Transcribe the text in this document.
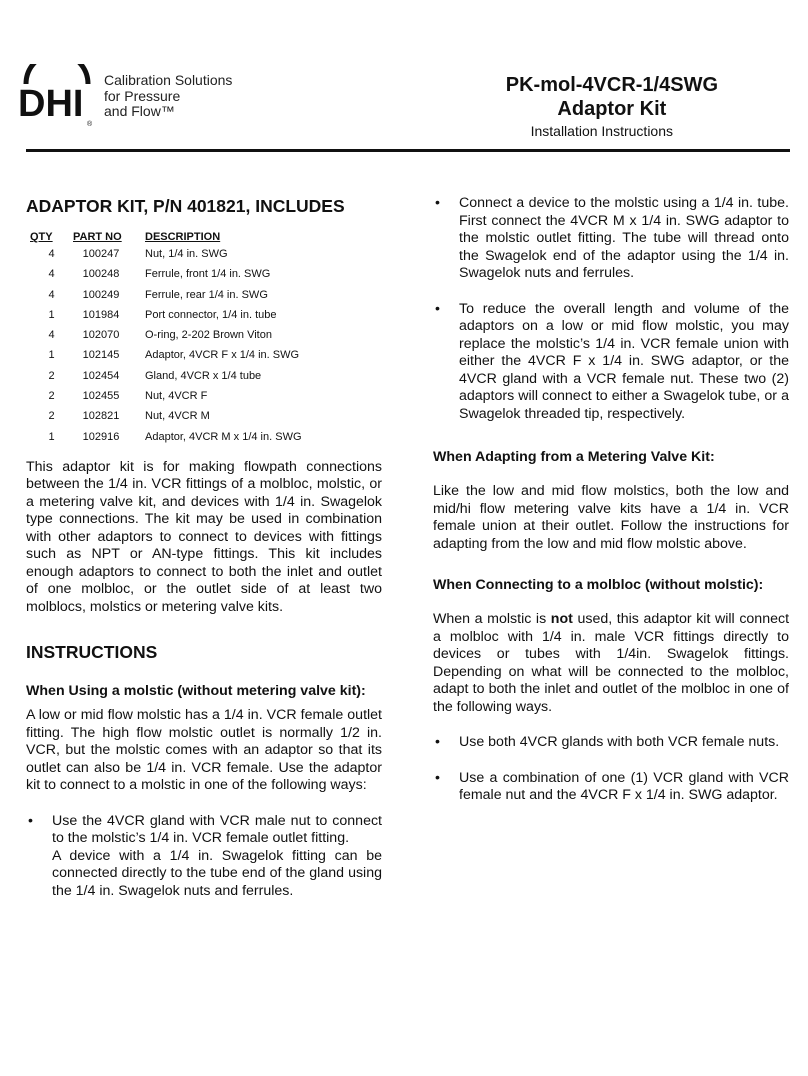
DHI ®
Calibration Solutions
for Pressure
and Flow™
PK-mol-4VCR-1/4SWG
Adaptor Kit
Installation Instructions
ADAPTOR KIT, P/N 401821, INCLUDES
QTY	PART NO	DESCRIPTION
4	100247	Nut, 1/4 in. SWG
4	100248	Ferrule, front 1/4 in. SWG
4	100249	Ferrule, rear 1/4 in. SWG
1	101984	Port connector, 1/4 in. tube
4	102070	O-ring, 2-202 Brown Viton
1	102145	Adaptor, 4VCR F x 1/4 in. SWG
2	102454	Gland, 4VCR x 1/4 tube
2	102455	Nut, 4VCR F
2	102821	Nut, 4VCR M
1	102916	Adaptor, 4VCR M x 1/4 in. SWG

This adaptor kit is for making flowpath connections between the 1/4 in. VCR fittings of a molbloc, molstic, or a metering valve kit, and devices with 1/4 in. Swagelok type connections. The kit may be used in combination with other adaptors to connect to devices with fittings such as NPT or AN-type fittings. This kit includes enough adaptors to connect to both the inlet and outlet of one molbloc, or the outlet side of at least two molblocs, molstics or metering valve kits.

INSTRUCTIONS
When Using a molstic (without metering valve kit):

A low or mid flow molstic has a 1/4 in. VCR female outlet fitting. The high flow molstic outlet is normally 1/2 in. VCR, but the molstic comes with an adaptor so that its outlet can also be 1/4 in. VCR female. Use the adaptor kit to connect to a molstic in one of the following ways:

• Use the 4VCR gland with VCR male nut to connect to the molstic’s 1/4 in. VCR female outlet fitting.
A device with a 1/4 in. Swagelok fitting can be connected directly to the tube end of the gland using the 1/4 in. Swagelok nuts and ferrules.
• Connect a device to the molstic using a 1/4 in. tube. First connect the 4VCR M x 1/4 in. SWG adaptor to the molstic outlet fitting. The tube will thread onto the Swagelok end of the adaptor using the 1/4 in. Swagelok nuts and ferrules.
• To reduce the overall length and volume of the adaptors on a low or mid flow molstic, you may replace the molstic’s 1/4 in. VCR female union with either the 4VCR F x 1/4 in. SWG adaptor, or the 4VCR gland with a VCR female nut. These two (2) adaptors will connect to either a Swagelok tube, or a Swagelok threaded tip, respectively.
When Adapting from a Metering Valve Kit:

Like the low and mid flow molstics, both the low and mid/hi flow metering valve kits have a 1/4 in. VCR female union at their outlet. Follow the instructions for adapting from the low and mid flow molstic above.

When Connecting to a molbloc (without molstic):

When a molstic is not used, this adaptor kit will connect a molbloc with 1/4 in. male VCR fittings directly to devices or tubes with 1/4in. Swagelok fittings. Depending on what will be connected to the molbloc, adapt to both the inlet and outlet of the molbloc in one of the following ways.

• Use both 4VCR glands with both VCR female nuts.
• Use a combination of one (1) VCR gland with VCR female nut and the 4VCR F x 1/4 in. SWG adaptor.
